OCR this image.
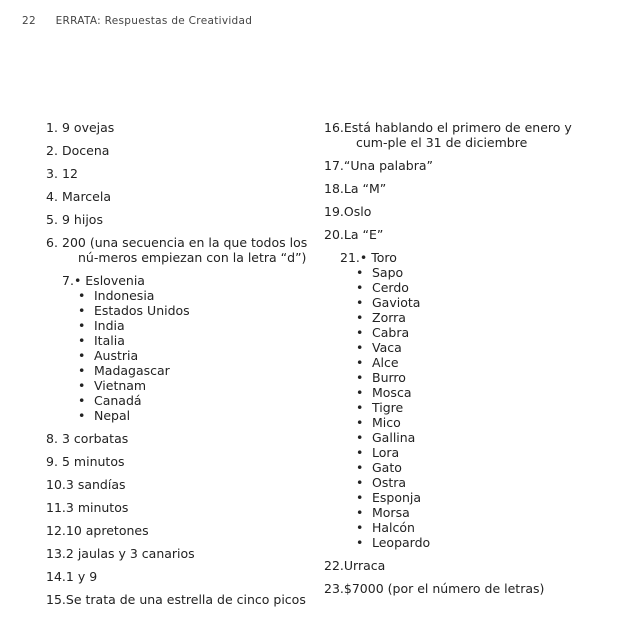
22 ERRATA: Respuestas de Creatividad
1.9 ovejas
2.Docena
3.12
4.Marcela
5.9 hijos
6.200 (una secuencia en la que todos los nú-meros empiezan con la letra “d”)
7.• Eslovenia
• Indonesia
• Estados Unidos
• India
• Italia
• Austria
• Madagascar
• Vietnam
• Canadá
• Nepal
8.3 corbatas
9.5 minutos
10.3 sandías
11.3 minutos
12.10 apretones
13.2 jaulas y 3 canarios
14.1 y 9
15.Se trata de una estrella de cinco picos
16.Está hablando el primero de enero y cum-ple el 31 de diciembre
17.“Una palabra”
18.La “M”
19.Oslo
20.La “E”
21.• Toro
• Sapo
• Cerdo
• Gaviota
• Zorra
• Cabra
• Vaca
• Alce
• Burro
• Mosca
• Tigre
• Mico
• Gallina
• Lora
• Gato
• Ostra
• Esponja
• Morsa
• Halcón
• Leopardo
22.Urraca
23.$7000 (por el número de letras)
